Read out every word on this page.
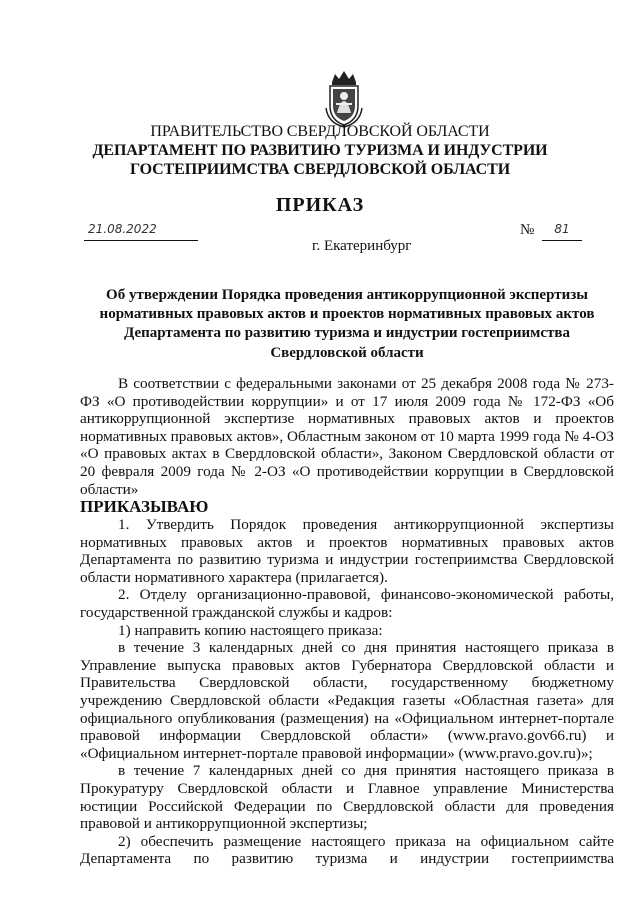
ПРАВИТЕЛЬСТВО СВЕРДЛОВСКОЙ ОБЛАСТИ
ДЕПАРТАМЕНТ ПО РАЗВИТИЮ ТУРИЗМА И ИНДУСТРИИ
ГОСТЕПРИИМСТВА СВЕРДЛОВСКОЙ ОБЛАСТИ
ПРИКАЗ
21.08.2022	№	81
г. Екатеринбург
Об утверждении Порядка проведения антикоррупционной экспертизы нормативных правовых актов и проектов нормативных правовых актов Департамента по развитию туризма и индустрии гостеприимства Свердловской области

В соответствии с федеральными законами от 25 декабря 2008 года № 273-ФЗ «О противодействии коррупции» и от 17 июля 2009 года № 172-ФЗ «Об антикоррупционной экспертизе нормативных правовых актов и проектов нормативных правовых актов», Областным законом от 10 марта 1999 года № 4-ОЗ «О правовых актах в Свердловской области», Законом Свердловской области от 20 февраля 2009 года № 2-ОЗ «О противодействии коррупции в Свердловской области»

ПРИКАЗЫВАЮ

1. Утвердить Порядок проведения антикоррупционной экспертизы нормативных правовых актов и проектов нормативных правовых актов Департамента по развитию туризма и индустрии гостеприимства Свердловской области нормативного характера (прилагается).

2. Отделу организационно-правовой, финансово-экономической работы, государственной гражданской службы и кадров:

1) направить копию настоящего приказа:

в течение 3 календарных дней со дня принятия настоящего приказа в Управление выпуска правовых актов Губернатора Свердловской области и Правительства Свердловской области, государственному бюджетному учреждению Свердловской области «Редакция газеты «Областная газета» для официального опубликования (размещения) на «Официальном интернет-портале правовой информации Свердловской области» (www.pravo.gov66.ru) и «Официальном интернет-портале правовой информации» (www.pravo.gov.ru)»;

в течение 7 календарных дней со дня принятия настоящего приказа в Прокуратуру Свердловской области и Главное управление Министерства юстиции Российской Федерации по Свердловской области для проведения правовой и антикоррупционной экспертизы;

2) обеспечить размещение настоящего приказа на официальном сайте Департамента по развитию туризма и индустрии гостеприимства
